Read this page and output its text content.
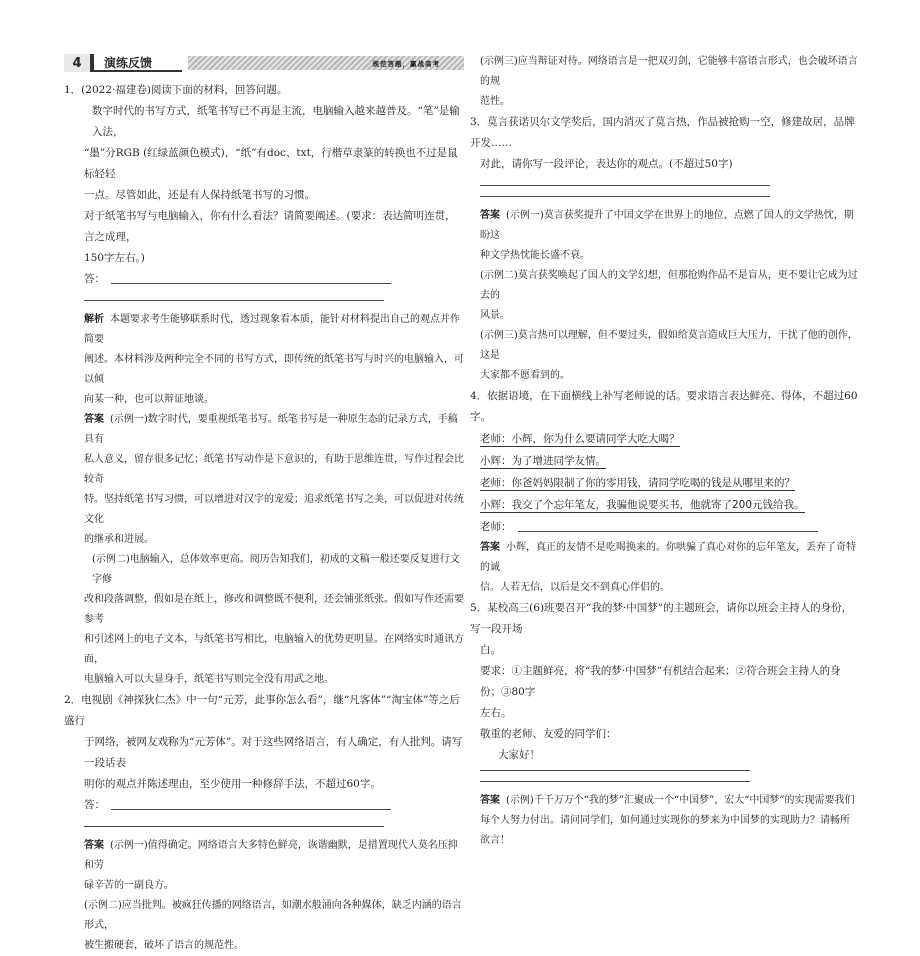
4	演练反馈	规范答题，赢战高考

1．(2022·福建卷)阅读下面的材料，回答问题。

数字时代的书写方式，纸笔书写已不再是主流，电脑输入越来越普及。“笔”是输入法，

“墨”分RGB (红绿蓝颜色模式)，“纸”有doc、txt，行楷草隶篆的转换也不过是鼠标轻轻

一点。尽管如此，还是有人保持纸笔书写的习惯。

对于纸笔书写与电脑输入，你有什么看法？请简要阐述。(要求：表达简明连贯，言之成理，

150字左右。)

答：

解析 本题要求考生能够联系时代，透过现象看本质，能针对材料提出自己的观点并作简要

阐述。本材料涉及两种完全不同的书写方式，即传统的纸笔书写与时兴的电脑输入，可以倾

向某一种，也可以辩证地谈。

答案 (示例一)数字时代，要重视纸笔书写。纸笔书写是一种原生态的记录方式，手稿具有

私人意义，留存很多记忆；纸笔书写动作是下意识的，有助于思维连贯，写作过程会比较奇

特。坚持纸笔书写习惯，可以增进对汉字的宠爱；追求纸笔书写之美，可以促进对传统文化

的继承和进展。

(示例二)电脑输入，总体效率更高。阅历告知我们，初成的文稿一般还要反复进行文字修

改和段落调整，假如是在纸上，修改和调整既不便利，还会铺张纸张。假如写作还需要参考

和引述网上的电子文本，与纸笔书写相比，电脑输入的优势更明显。在网络实时通讯方面，

电脑输入可以大显身手，纸笔书写则完全没有用武之地。

2．电视剧《神探狄仁杰》中一句“元芳，此事你怎么看”，继“凡客体”“淘宝体”等之后盛行

于网络，被网友戏称为“元芳体”。对于这些网络语言，有人确定，有人批判。请写一段话表

明你的观点并陈述理由，至少使用一种修辞手法，不超过60字。

答：

答案 (示例一)值得确定。网络语言大多特色鲜亮，诙谐幽默，是措置现代人莫名压抑和劳

碌辛苦的一副良方。

(示例二)应当批判。被疯狂传播的网络语言，如潮水般涌向各种媒体，缺乏内涵的语言形式，

被生搬硬套，破坏了语言的规范性。

(示例三)应当辩证对待。网络语言是一把双刃剑，它能够丰富语言形式，也会破坏语言的规

范性。

3．莫言获诺贝尔文学奖后，国内消灭了莫言热，作品被抢购一空，修建故居，品牌开发……

对此，请你写一段评论，表达你的观点。(不超过50字)

答案 (示例一)莫言获奖提升了中国文学在世界上的地位，点燃了国人的文学热忱，期盼这

种文学热忱能长盛不衰。

(示例二)莫言获奖唤起了国人的文学幻想，但那抢购作品不是盲从，更不要让它成为过去的

风景。

(示例三)莫言热可以理解，但不要过头，假如给莫言造成巨大压力，干扰了他的创作，这是

大家都不愿看到的。

4．依据语境，在下面横线上补写老师说的话。要求语言表达鲜亮、得体，不超过60字。

老师：小辉，你为什么要请同学大吃大喝？

小辉：为了增进同学友情。

老师：你爸妈妈限制了你的零用钱，请同学吃喝的钱是从哪里来的？

小辉：我交了个忘年笔友，我骗他说要买书，他就寄了200元钱给我。

老师：

答案 小辉，真正的友情不是吃喝换来的。你哄骗了真心对你的忘年笔友，丢弃了奇特的诚

信。人若无信，以后是交不到真心伴侣的。

5．某校高三(6)班要召开“我的梦·中国梦”的主题班会，请你以班会主持人的身份，写一段开场

白。

要求：①主题鲜亮，将“我的梦·中国梦”有机结合起来；②符合班会主持人的身份；③80字

左右。

敬重的老师、友爱的同学们：

大家好！

答案 (示例)千千万万个“我的梦”汇聚成一个“中国梦”，宏大“中国梦”的实现需要我们

每个人努力付出。请问同学们，如何通过实现你的梦来为中国梦的实现助力？请畅所欲言！
